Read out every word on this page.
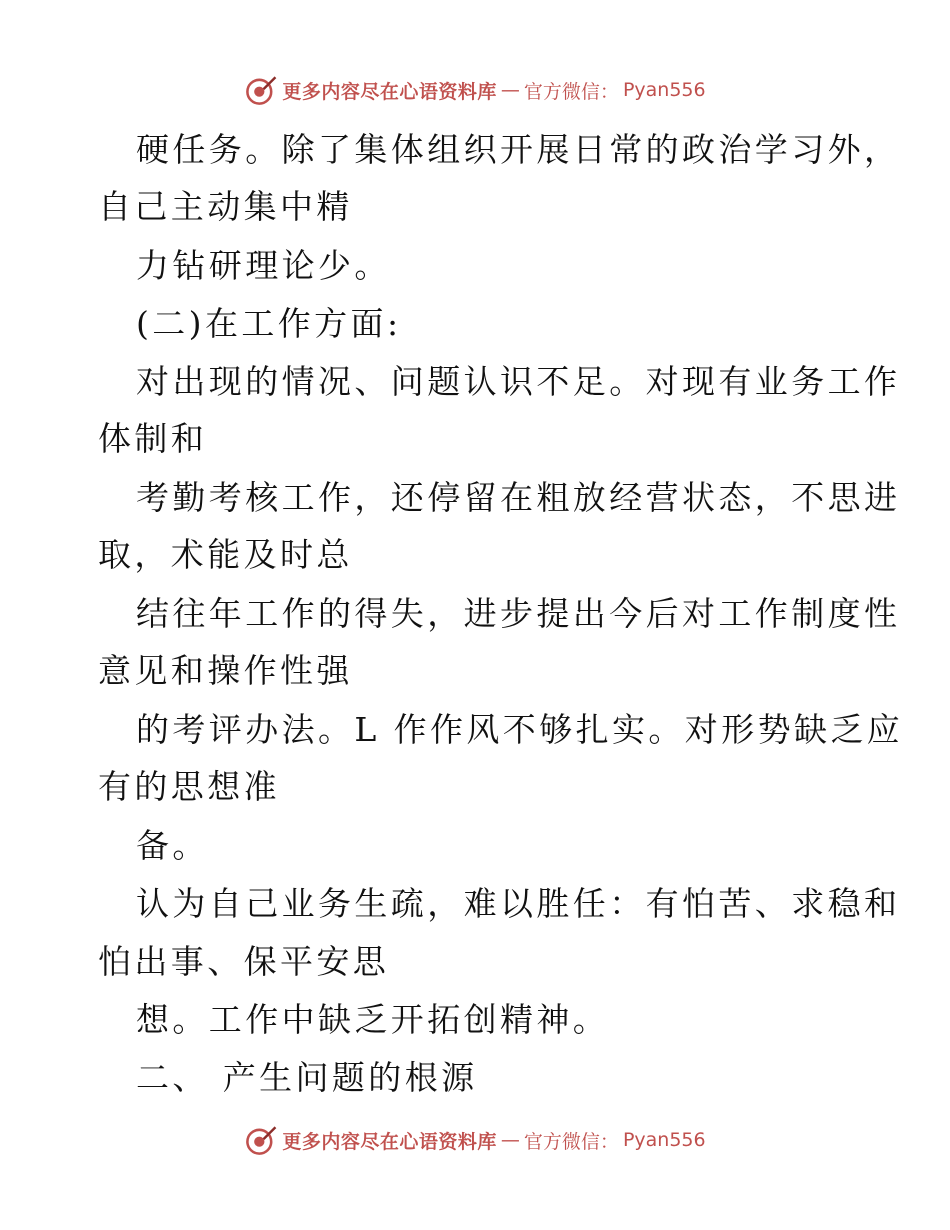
更多内容尽在心语资料库 — 官方微信： Pyan556
硬任务。除了集体组织开展日常的政治学习外，
自己主动集中精
力钻研理论少。
(二)在工作方面:
对出现的情况、问题认识不足。对现有业务工作
体制和
考勤考核工作，还停留在粗放经营状态，不思进
取，术能及时总
结往年工作的得失，进步提出今后对工作制度性
意见和操作性强
的考评办法。L 作作风不够扎实。对形势缺乏应
有的思想准
备。
认为自己业务生疏，难以胜任：有怕苦、求稳和
怕出事、保平安思
想。工作中缺乏开拓创精神。
二、 产生问题的根源
更多内容尽在心语资料库 — 官方微信： Pyan556
